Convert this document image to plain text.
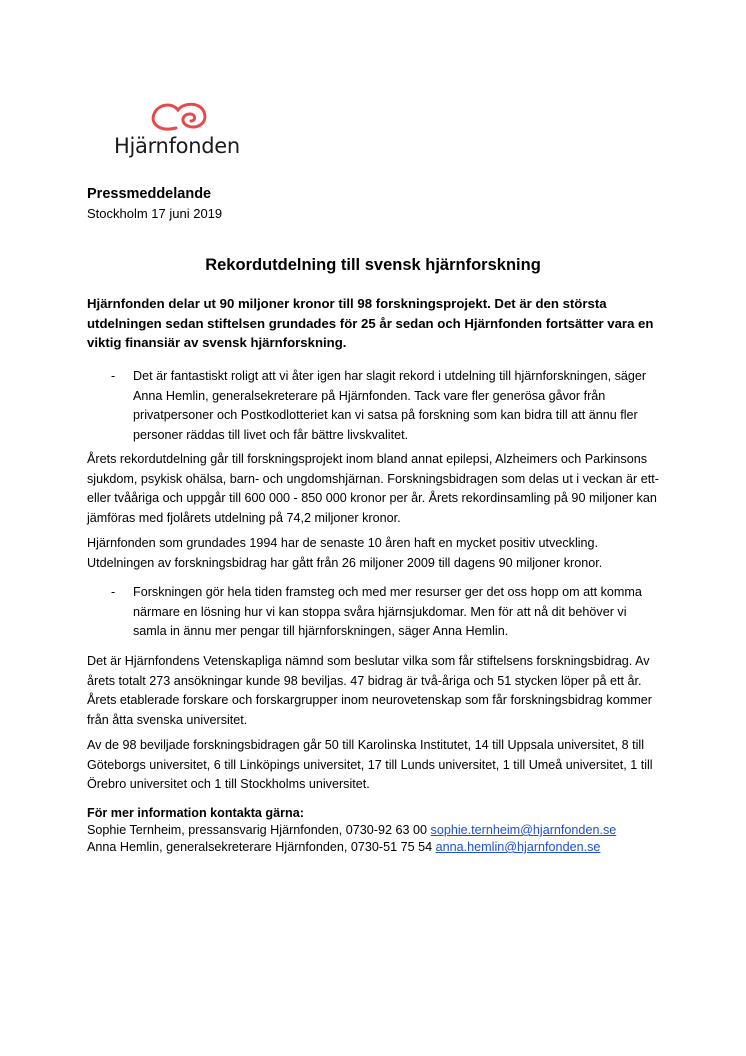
Hjärnfonden
Pressmeddelande
Stockholm 17 juni 2019
Rekordutdelning till svensk hjärnforskning
Hjärnfonden delar ut 90 miljoner kronor till 98 forskningsprojekt. Det är den största utdelningen sedan stiftelsen grundades för 25 år sedan och Hjärnfonden fortsätter vara en viktig finansiär av svensk hjärnforskning.
- Det är fantastiskt roligt att vi åter igen har slagit rekord i utdelning till hjärnforskningen, säger Anna Hemlin, generalsekreterare på Hjärnfonden. Tack vare fler generösa gåvor från privatpersoner och Postkodlotteriet kan vi satsa på forskning som kan bidra till att ännu fler personer räddas till livet och får bättre livskvalitet.
Årets rekordutdelning går till forskningsprojekt inom bland annat epilepsi, Alzheimers och Parkinsons sjukdom, psykisk ohälsa, barn- och ungdomshjärnan. Forskningsbidragen som delas ut i veckan är ett- eller tvååriga och uppgår till 600 000 - 850 000 kronor per år. Årets rekordinsamling på 90 miljoner kan jämföras med fjolårets utdelning på 74,2 miljoner kronor.
Hjärnfonden som grundades 1994 har de senaste 10 åren haft en mycket positiv utveckling. Utdelningen av forskningsbidrag har gått från 26 miljoner 2009 till dagens 90 miljoner kronor.
- Forskningen gör hela tiden framsteg och med mer resurser ger det oss hopp om att komma närmare en lösning hur vi kan stoppa svåra hjärnsjukdomar. Men för att nå dit behöver vi samla in ännu mer pengar till hjärnforskningen, säger Anna Hemlin.
Det är Hjärnfondens Vetenskapliga nämnd som beslutar vilka som får stiftelsens forskningsbidrag. Av årets totalt 273 ansökningar kunde 98 beviljas. 47 bidrag är två-åriga och 51 stycken löper på ett år. Årets etablerade forskare och forskargrupper inom neurovetenskap som får forskningsbidrag kommer från åtta svenska universitet.
Av de 98 beviljade forskningsbidragen går 50 till Karolinska Institutet, 14 till Uppsala universitet, 8 till Göteborgs universitet, 6 till Linköpings universitet, 17 till Lunds universitet, 1 till Umeå universitet, 1 till Örebro universitet och 1 till Stockholms universitet.
För mer information kontakta gärna:
Sophie Ternheim, pressansvarig Hjärnfonden, 0730-92 63 00 sophie.ternheim@hjarnfonden.se
Anna Hemlin, generalsekreterare Hjärnfonden, 0730-51 75 54 anna.hemlin@hjarnfonden.se
